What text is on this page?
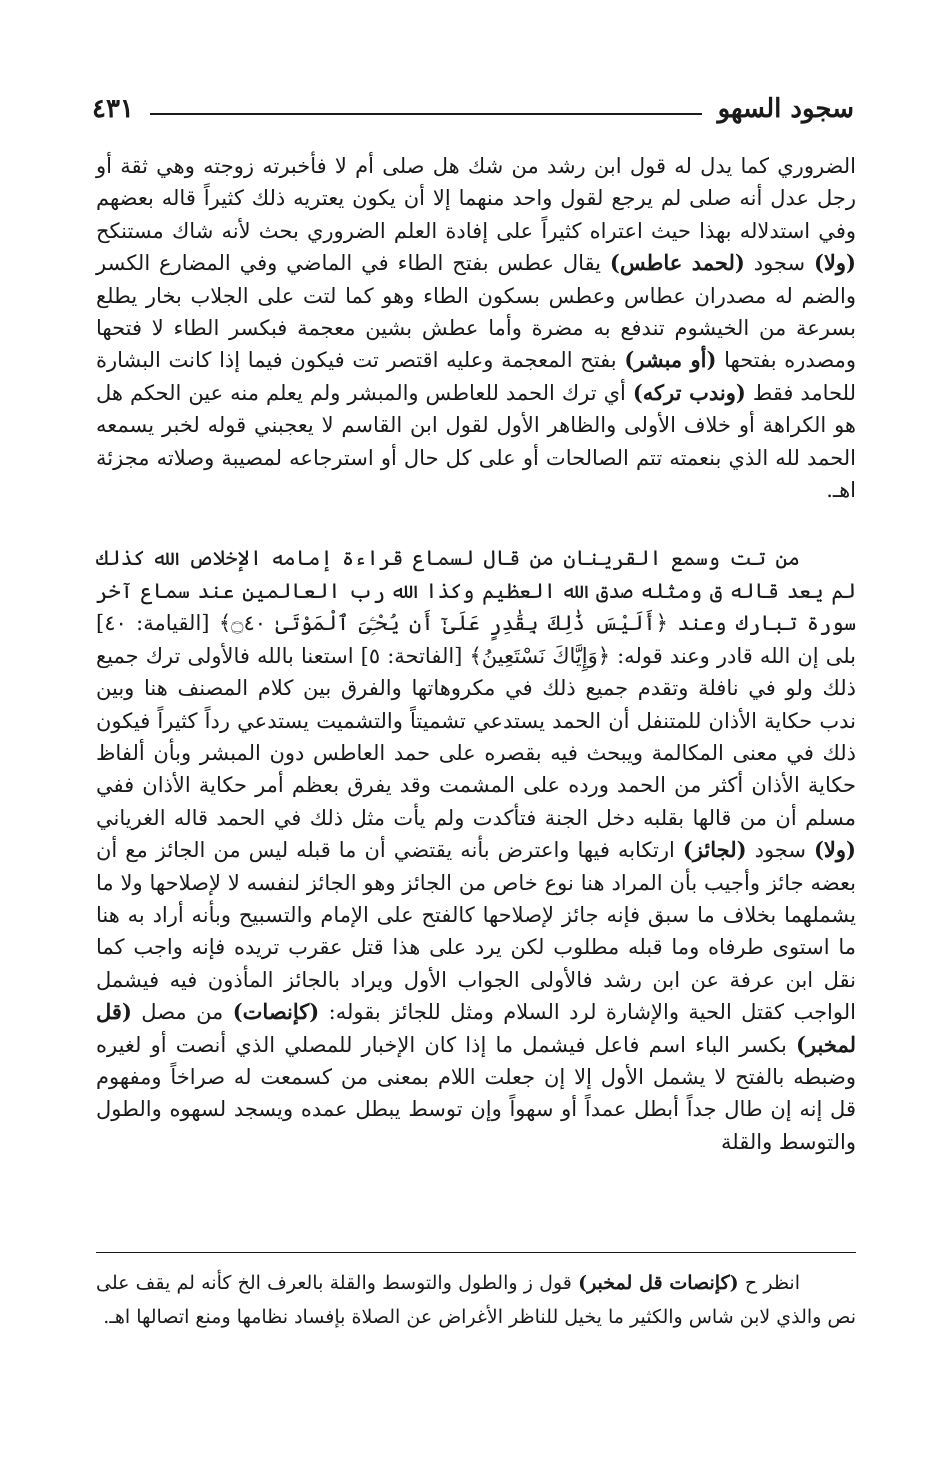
سجود السهو
٤٣١

الضروري كما يدل له قول ابن رشد من شك هل صلى أم لا فأخبرته زوجته وهي ثقة أو رجل عدل أنه صلى لم يرجع لقول واحد منهما إلا أن يكون يعتريه ذلك كثيراً قاله بعضهم وفي استدلاله بهذا حيث اعتراه كثيراً على إفادة العلم الضروري بحث لأنه شاك مستنكح (ولا) سجود (لحمد عاطس) يقال عطس بفتح الطاء في الماضي وفي المضارع الكسر والضم له مصدران عطاس وعطس بسكون الطاء وهو كما لتت على الجلاب بخار يطلع بسرعة من الخيشوم تندفع به مضرة وأما عطش بشين معجمة فبكسر الطاء لا فتحها ومصدره بفتحها (أو مبشر) بفتح المعجمة وعليه اقتصر تت فيكون فيما إذا كانت البشارة للحامد فقط (وندب تركه) أي ترك الحمد للعاطس والمبشر ولم يعلم منه عين الحكم هل هو الكراهة أو خلاف الأولى والظاهر الأول لقول ابن القاسم لا يعجبني قوله لخبر يسمعه الحمد لله الذي بنعمته تتم الصالحات أو على كل حال أو استرجاعه لمصيبة وصلاته مجزئة اهـ.

من تت وسمع القرينان من قال لسماع قراءة إمامه الإخلاص الله كذلك لم يعد قاله ق ومثله صدق الله العظيم وكذا الله رب العالمين عند سماع آخر سورة تبارك وعند ﴿أَلَيْسَ ذَٰلِكَ بِقَٰدِرٍ عَلَىٰٓ أَن يُحْـِۧىَ ٱلْمَوْتَىٰ ۝٤٠﴾ [القيامة: ٤٠] بلى إن الله قادر وعند قوله: ﴿وَإِيَّاكَ نَسْتَعِينُ﴾ [الفاتحة: ٥] استعنا بالله فالأولى ترك جميع ذلك ولو في نافلة وتقدم جميع ذلك في مكروهاتها والفرق بين كلام المصنف هنا وبين ندب حكاية الأذان للمتنفل أن الحمد يستدعي تشميتاً والتشميت يستدعي رداً كثيراً فيكون ذلك في معنى المكالمة ويبحث فيه بقصره على حمد العاطس دون المبشر وبأن ألفاظ حكاية الأذان أكثر من الحمد ورده على المشمت وقد يفرق بعظم أمر حكاية الأذان ففي مسلم أن من قالها بقلبه دخل الجنة فتأكدت ولم يأت مثل ذلك في الحمد قاله الغرياني (ولا) سجود (لجائز) ارتكابه فيها واعترض بأنه يقتضي أن ما قبله ليس من الجائز مع أن بعضه جائز وأجيب بأن المراد هنا نوع خاص من الجائز وهو الجائز لنفسه لا لإصلاحها ولا ما يشملهما بخلاف ما سبق فإنه جائز لإصلاحها كالفتح على الإمام والتسبيح وبأنه أراد به هنا ما استوى طرفاه وما قبله مطلوب لكن يرد على هذا قتل عقرب تريده فإنه واجب كما نقل ابن عرفة عن ابن رشد فالأولى الجواب الأول ويراد بالجائز المأذون فيه فيشمل الواجب كقتل الحية والإشارة لرد السلام ومثل للجائز بقوله: (كإنصات) من مصل (قل لمخبر) بكسر الباء اسم فاعل فيشمل ما إذا كان الإخبار للمصلي الذي أنصت أو لغيره وضبطه بالفتح لا يشمل الأول إلا إن جعلت اللام بمعنى من كسمعت له صراخاً ومفهوم قل إنه إن طال جداً أبطل عمداً أو سهواً وإن توسط يبطل عمده ويسجد لسهوه والطول والتوسط والقلة

انظر ح (كإنصات قل لمخبر) قول ز والطول والتوسط والقلة بالعرف الخ كأنه لم يقف على نص والذي لابن شاس والكثير ما يخيل للناظر الأغراض عن الصلاة بإفساد نظامها ومنع اتصالها اهـ.
